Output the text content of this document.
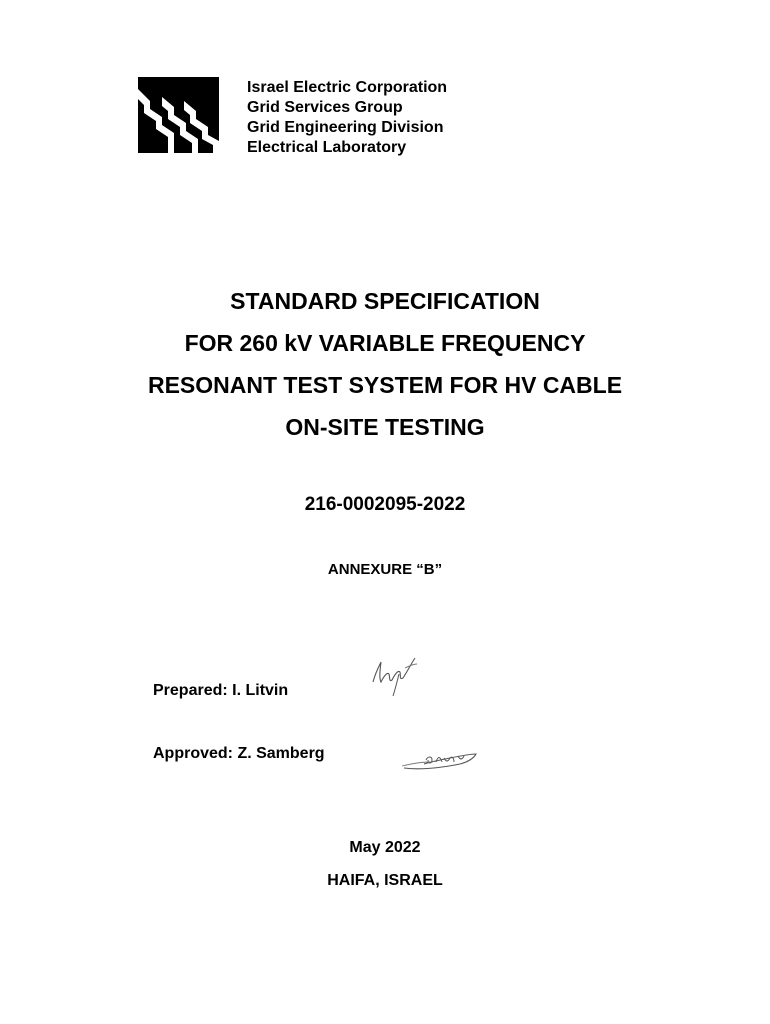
Israel Electric Corporation
Grid Services Group
Grid Engineering Division
Electrical Laboratory
STANDARD SPECIFICATION
FOR 260 kV VARIABLE FREQUENCY
RESONANT TEST SYSTEM FOR HV CABLE
ON-SITE TESTING
216-0002095-2022
ANNEXURE “B”
Prepared: I. Litvin
Approved: Z. Samberg
May 2022
HAIFA, ISRAEL
